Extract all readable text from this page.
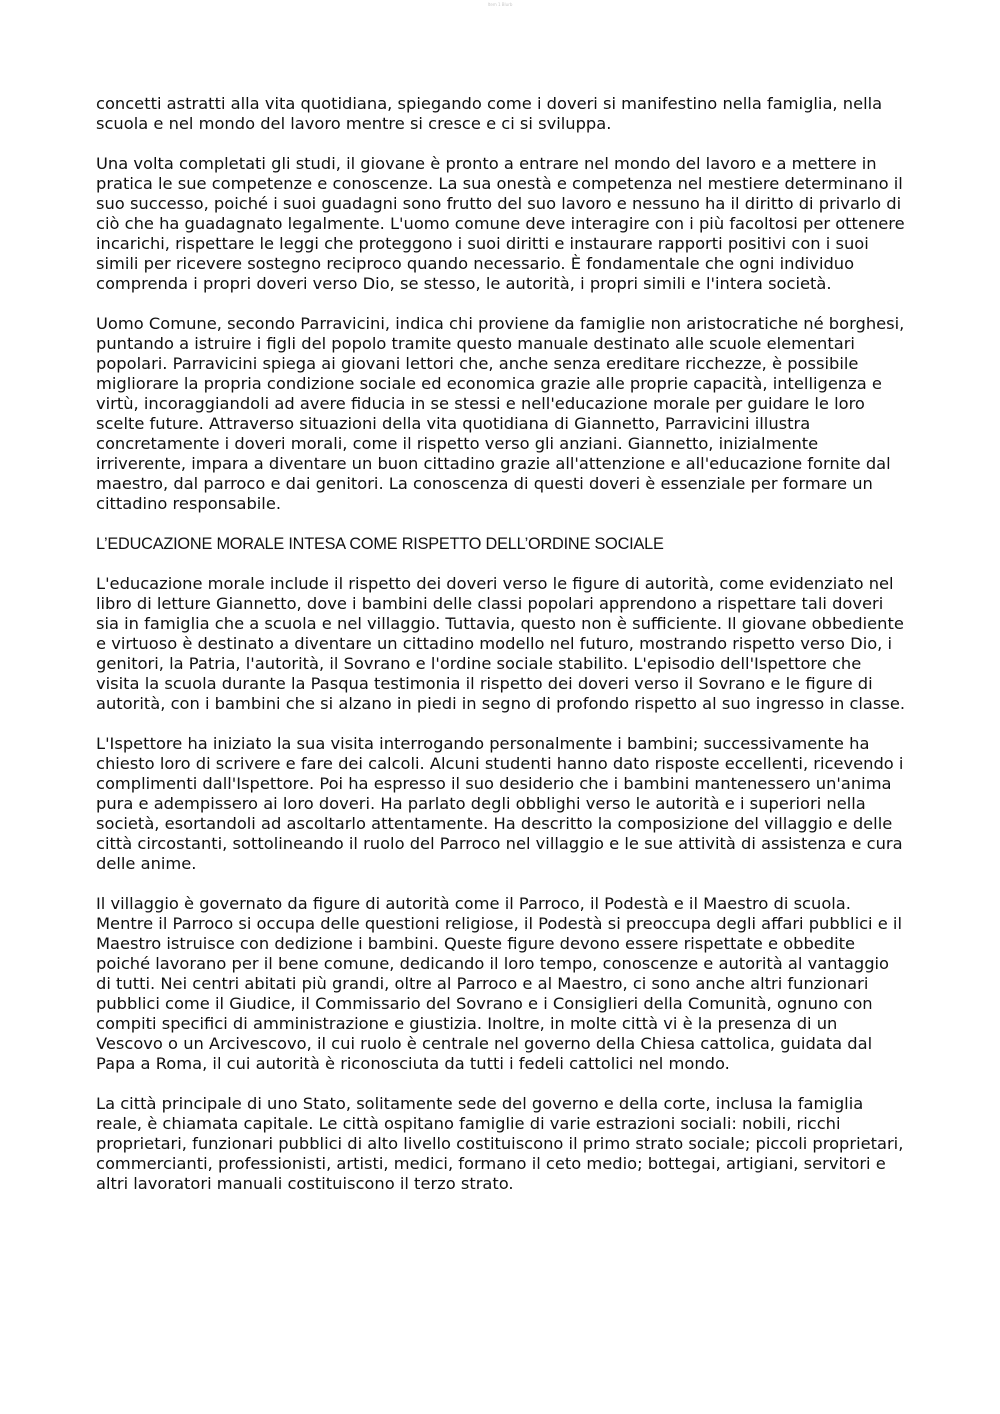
Item 1 Blurb

concetti astratti alla vita quotidiana, spiegando come i doveri si manifestino nella famiglia, nella scuola e nel mondo del lavoro mentre si cresce e ci si sviluppa.

Una volta completati gli studi, il giovane è pronto a entrare nel mondo del lavoro e a mettere in pratica le sue competenze e conoscenze. La sua onestà e competenza nel mestiere determinano il suo successo, poiché i suoi guadagni sono frutto del suo lavoro e nessuno ha il diritto di privarlo di ciò che ha guadagnato legalmente. L'uomo comune deve interagire con i più facoltosi per ottenere incarichi, rispettare le leggi che proteggono i suoi diritti e instaurare rapporti positivi con i suoi simili per ricevere sostegno reciproco quando necessario. È fondamentale che ogni individuo comprenda i propri doveri verso Dio, se stesso, le autorità, i propri simili e l'intera società.

Uomo Comune, secondo Parravicini, indica chi proviene da famiglie non aristocratiche né borghesi, puntando a istruire i figli del popolo tramite questo manuale destinato alle scuole elementari popolari. Parravicini spiega ai giovani lettori che, anche senza ereditare ricchezze, è possibile migliorare la propria condizione sociale ed economica grazie alle proprie capacità, intelligenza e virtù, incoraggiandoli ad avere fiducia in se stessi e nell'educazione morale per guidare le loro scelte future. Attraverso situazioni della vita quotidiana di Giannetto, Parravicini illustra concretamente i doveri morali, come il rispetto verso gli anziani. Giannetto, inizialmente irriverente, impara a diventare un buon cittadino grazie all'attenzione e all'educazione fornite dal maestro, dal parroco e dai genitori. La conoscenza di questi doveri è essenziale per formare un cittadino responsabile.

L’EDUCAZIONE MORALE INTESA COME RISPETTO DELL’ORDINE SOCIALE

L'educazione morale include il rispetto dei doveri verso le figure di autorità, come evidenziato nel libro di letture Giannetto, dove i bambini delle classi popolari apprendono a rispettare tali doveri sia in famiglia che a scuola e nel villaggio. Tuttavia, questo non è sufficiente. Il giovane obbediente e virtuoso è destinato a diventare un cittadino modello nel futuro, mostrando rispetto verso Dio, i genitori, la Patria, l'autorità, il Sovrano e l'ordine sociale stabilito. L'episodio dell'Ispettore che visita la scuola durante la Pasqua testimonia il rispetto dei doveri verso il Sovrano e le figure di autorità, con i bambini che si alzano in piedi in segno di profondo rispetto al suo ingresso in classe.

L'Ispettore ha iniziato la sua visita interrogando personalmente i bambini; successivamente ha chiesto loro di scrivere e fare dei calcoli. Alcuni studenti hanno dato risposte eccellenti, ricevendo i complimenti dall'Ispettore. Poi ha espresso il suo desiderio che i bambini mantenessero un'anima pura e adempissero ai loro doveri. Ha parlato degli obblighi verso le autorità e i superiori nella società, esortandoli ad ascoltarlo attentamente. Ha descritto la composizione del villaggio e delle città circostanti, sottolineando il ruolo del Parroco nel villaggio e le sue attività di assistenza e cura delle anime.

Il villaggio è governato da figure di autorità come il Parroco, il Podestà e il Maestro di scuola. Mentre il Parroco si occupa delle questioni religiose, il Podestà si preoccupa degli affari pubblici e il Maestro istruisce con dedizione i bambini. Queste figure devono essere rispettate e obbedite poiché lavorano per il bene comune, dedicando il loro tempo, conoscenze e autorità al vantaggio di tutti. Nei centri abitati più grandi, oltre al Parroco e al Maestro, ci sono anche altri funzionari pubblici come il Giudice, il Commissario del Sovrano e i Consiglieri della Comunità, ognuno con compiti specifici di amministrazione e giustizia. Inoltre, in molte città vi è la presenza di un Vescovo o un Arcivescovo, il cui ruolo è centrale nel governo della Chiesa cattolica, guidata dal Papa a Roma, il cui autorità è riconosciuta da tutti i fedeli cattolici nel mondo.

La città principale di uno Stato, solitamente sede del governo e della corte, inclusa la famiglia reale, è chiamata capitale. Le città ospitano famiglie di varie estrazioni sociali: nobili, ricchi proprietari, funzionari pubblici di alto livello costituiscono il primo strato sociale; piccoli proprietari, commercianti, professionisti, artisti, medici, formano il ceto medio; bottegai, artigiani, servitori e altri lavoratori manuali costituiscono il terzo strato.
